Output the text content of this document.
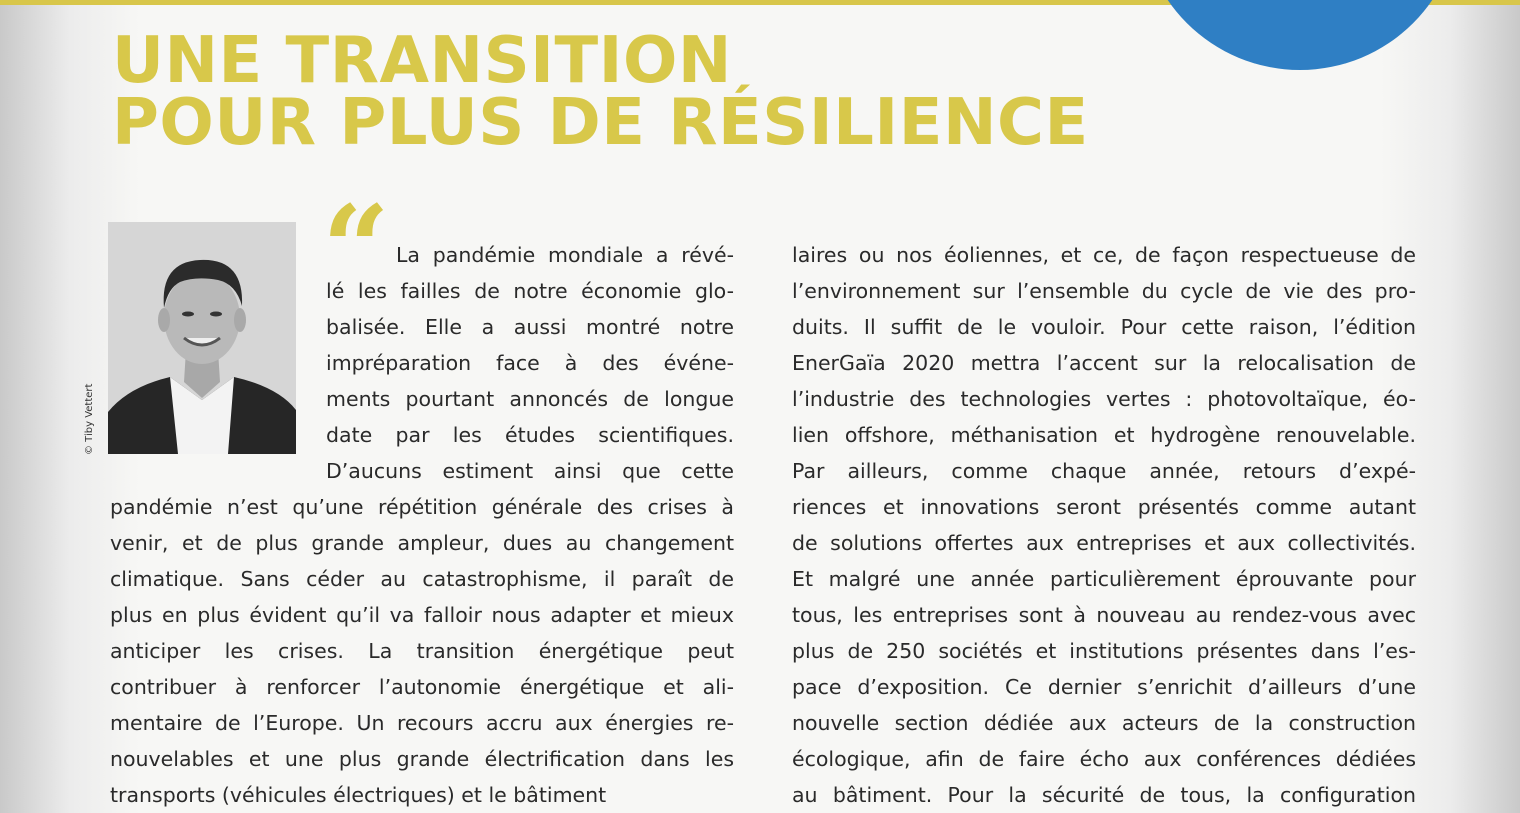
UNE TRANSITION
POUR PLUS DE RÉSILIENCE
© Tiby Vettert
“ La pandémie mondiale a révé-
lé les failles de notre économie glo-
balisée. Elle a aussi montré notre
impréparation face à des événe-
ments pourtant annoncés de longue
date par les études scientifiques.
D’aucuns estiment ainsi que cette
pandémie n’est qu’une répétition générale des crises à
venir, et de plus grande ampleur, dues au changement
climatique. Sans céder au catastrophisme, il paraît de
plus en plus évident qu’il va falloir nous adapter et mieux
anticiper les crises. La transition énergétique peut
contribuer à renforcer l’autonomie énergétique et ali-
mentaire de l’Europe. Un recours accru aux énergies re-
nouvelables et une plus grande électrification dans les
transports (véhicules électriques) et le bâtiment
laires ou nos éoliennes, et ce, de façon respectueuse de
l’environnement sur l’ensemble du cycle de vie des pro-
duits. Il suffit de le vouloir. Pour cette raison, l’édition
EnerGaïa 2020 mettra l’accent sur la relocalisation de
l’industrie des technologies vertes : photovoltaïque, éo-
lien offshore, méthanisation et hydrogène renouvelable.
Par ailleurs, comme chaque année, retours d’expé-
riences et innovations seront présentés comme autant
de solutions offertes aux entreprises et aux collectivités.
Et malgré une année particulièrement éprouvante pour
tous, les entreprises sont à nouveau au rendez-vous avec
plus de 250 sociétés et institutions présentes dans l’es-
pace d’exposition. Ce dernier s’enrichit d’ailleurs d’une
nouvelle section dédiée aux acteurs de la construction
écologique, afin de faire écho aux conférences dédiées
au bâtiment. Pour la sécurité de tous, la configuration
